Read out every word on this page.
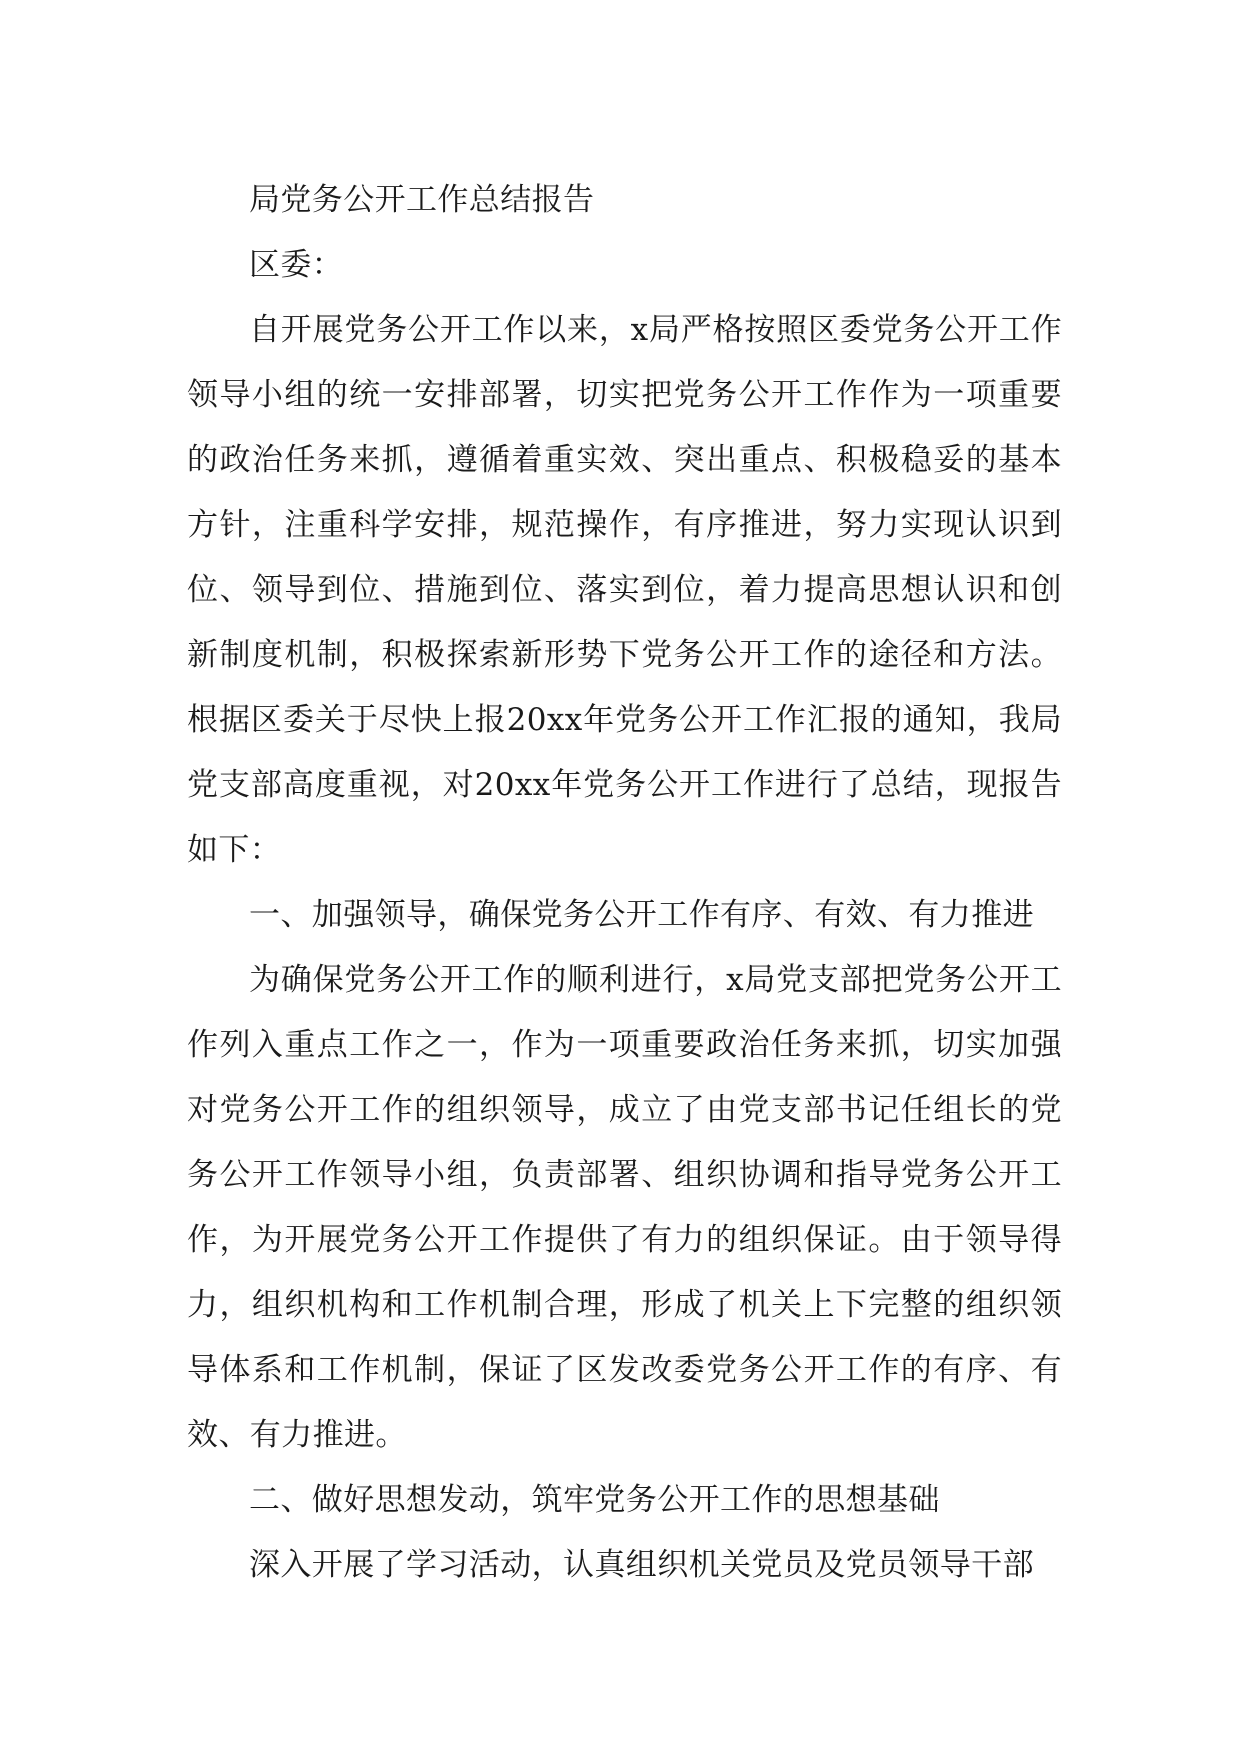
局党务公开工作总结报告

区委：

自开展党务公开工作以来，x局严格按照区委党务公开工作领导小组的统一安排部署，切实把党务公开工作作为一项重要的政治任务来抓，遵循着重实效、突出重点、积极稳妥的基本方针，注重科学安排，规范操作，有序推进，努力实现认识到位、领导到位、措施到位、落实到位，着力提高思想认识和创新制度机制，积极探索新形势下党务公开工作的途径和方法。根据区委关于尽快上报20xx年党务公开工作汇报的通知，我局党支部高度重视，对20xx年党务公开工作进行了总结，现报告如下：

一、加强领导，确保党务公开工作有序、有效、有力推进

为确保党务公开工作的顺利进行，x局党支部把党务公开工作列入重点工作之一，作为一项重要政治任务来抓，切实加强对党务公开工作的组织领导，成立了由党支部书记任组长的党务公开工作领导小组，负责部署、组织协调和指导党务公开工作，为开展党务公开工作提供了有力的组织保证。由于领导得力，组织机构和工作机制合理，形成了机关上下完整的组织领导体系和工作机制，保证了区发改委党务公开工作的有序、有效、有力推进。

二、做好思想发动，筑牢党务公开工作的思想基础

深入开展了学习活动，认真组织机关党员及党员领导干部
